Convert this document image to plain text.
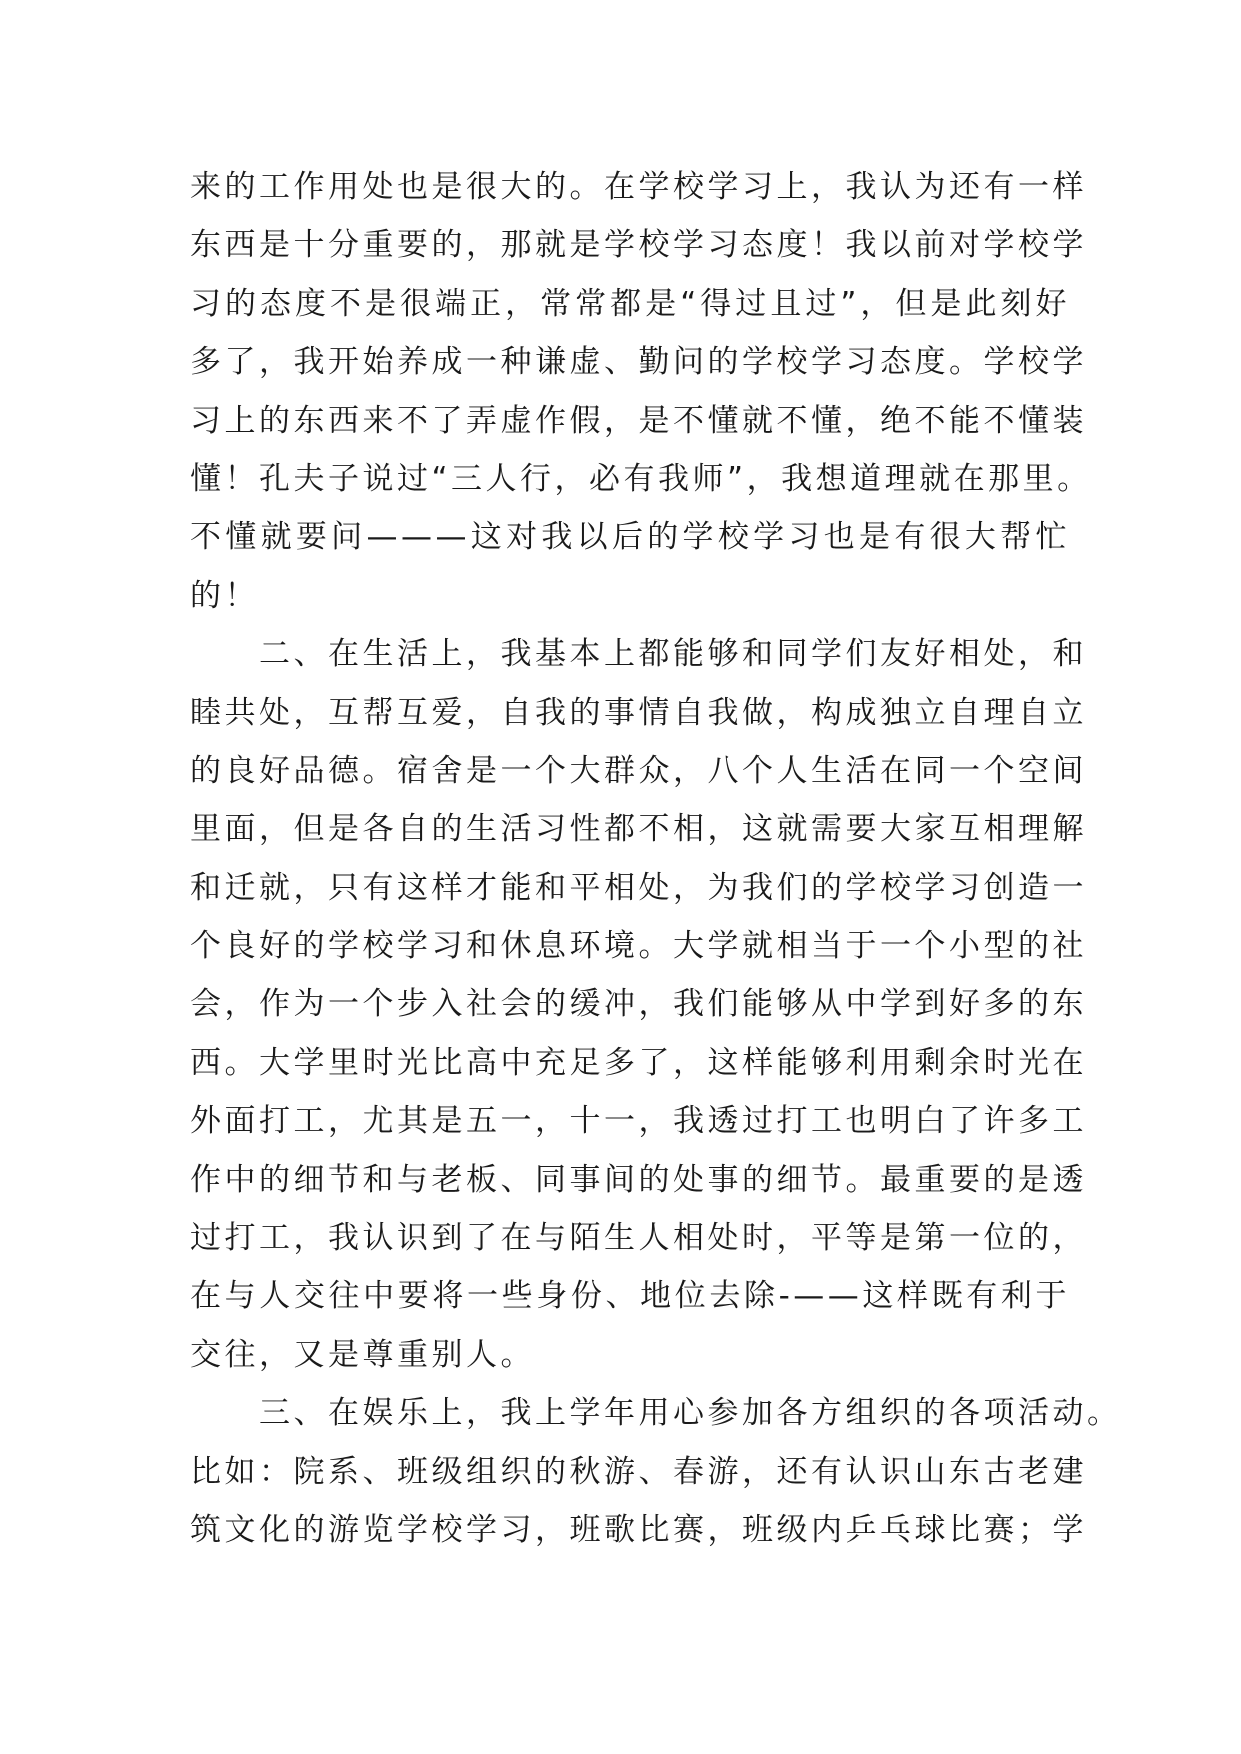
来的工作用处也是很大的。在学校学习上，我认为还有一样
东西是十分重要的，那就是学校学习态度！我以前对学校学
习的态度不是很端正，常常都是“得过且过”，但是此刻好
多了，我开始养成一种谦虚、勤问的学校学习态度。学校学
习上的东西来不了弄虚作假，是不懂就不懂，绝不能不懂装
懂！孔夫子说过“三人行，必有我师”，我想道理就在那里。
不懂就要问———这对我以后的学校学习也是有很大帮忙
的！
　　二、在生活上，我基本上都能够和同学们友好相处，和
睦共处，互帮互爱，自我的事情自我做，构成独立自理自立
的良好品德。宿舍是一个大群众，八个人生活在同一个空间
里面，但是各自的生活习性都不相，这就需要大家互相理解
和迁就，只有这样才能和平相处，为我们的学校学习创造一
个良好的学校学习和休息环境。大学就相当于一个小型的社
会，作为一个步入社会的缓冲，我们能够从中学到好多的东
西。大学里时光比高中充足多了，这样能够利用剩余时光在
外面打工，尤其是五一，十一，我透过打工也明白了许多工
作中的细节和与老板、同事间的处事的细节。最重要的是透
过打工，我认识到了在与陌生人相处时，平等是第一位的，
在与人交往中要将一些身份、地位去除-——这样既有利于
交往，又是尊重别人。
　　三、在娱乐上，我上学年用心参加各方组织的各项活动。
比如：院系、班级组织的秋游、春游，还有认识山东古老建
筑文化的游览学校学习，班歌比赛，班级内乒乓球比赛；学
